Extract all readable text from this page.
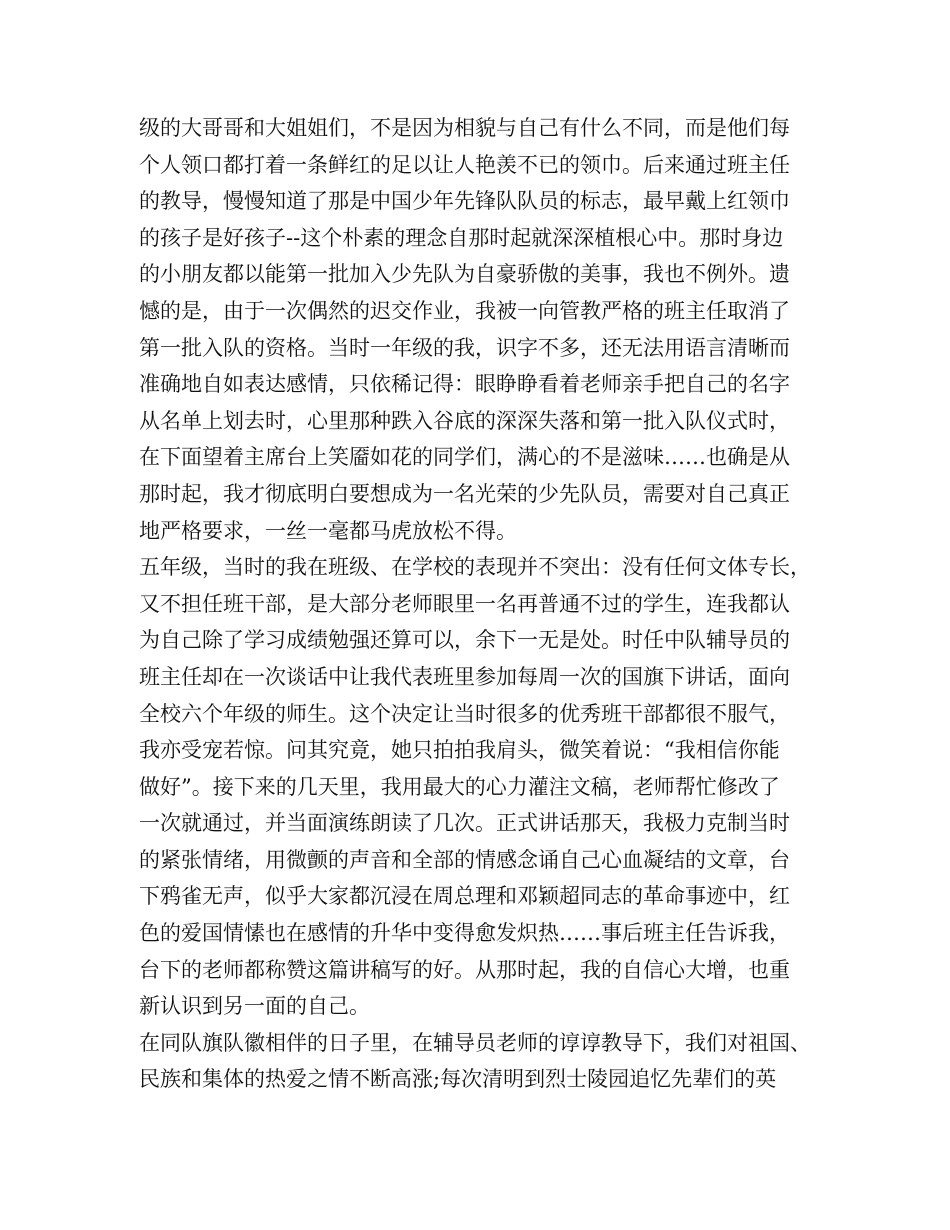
级的大哥哥和大姐姐们，不是因为相貌与自己有什么不同，而是他们每
个人领口都打着一条鲜红的足以让人艳羡不已的领巾。后来通过班主任
的教导，慢慢知道了那是中国少年先锋队队员的标志，最早戴上红领巾
的孩子是好孩子--这个朴素的理念自那时起就深深植根心中。那时身边
的小朋友都以能第一批加入少先队为自豪骄傲的美事，我也不例外。遗
憾的是，由于一次偶然的迟交作业，我被一向管教严格的班主任取消了
第一批入队的资格。当时一年级的我，识字不多，还无法用语言清晰而
准确地自如表达感情，只依稀记得：眼睁睁看着老师亲手把自己的名字
从名单上划去时，心里那种跌入谷底的深深失落和第一批入队仪式时，
在下面望着主席台上笑靥如花的同学们，满心的不是滋味……也确是从
那时起，我才彻底明白要想成为一名光荣的少先队员，需要对自己真正
地严格要求，一丝一毫都马虎放松不得。
五年级，当时的我在班级、在学校的表现并不突出：没有任何文体专长，
又不担任班干部，是大部分老师眼里一名再普通不过的学生，连我都认
为自己除了学习成绩勉强还算可以，余下一无是处。时任中队辅导员的
班主任却在一次谈话中让我代表班里参加每周一次的国旗下讲话，面向
全校六个年级的师生。这个决定让当时很多的优秀班干部都很不服气，
我亦受宠若惊。问其究竟，她只拍拍我肩头，微笑着说：“我相信你能
做好”。接下来的几天里，我用最大的心力灌注文稿，老师帮忙修改了
一次就通过，并当面演练朗读了几次。正式讲话那天，我极力克制当时
的紧张情绪，用微颤的声音和全部的情感念诵自己心血凝结的文章，台
下鸦雀无声，似乎大家都沉浸在周总理和邓颖超同志的革命事迹中，红
色的爱国情愫也在感情的升华中变得愈发炽热……事后班主任告诉我，
台下的老师都称赞这篇讲稿写的好。从那时起，我的自信心大增，也重
新认识到另一面的自己。
在同队旗队徽相伴的日子里，在辅导员老师的谆谆教导下，我们对祖国、
民族和集体的热爱之情不断高涨;每次清明到烈士陵园追忆先辈们的英
